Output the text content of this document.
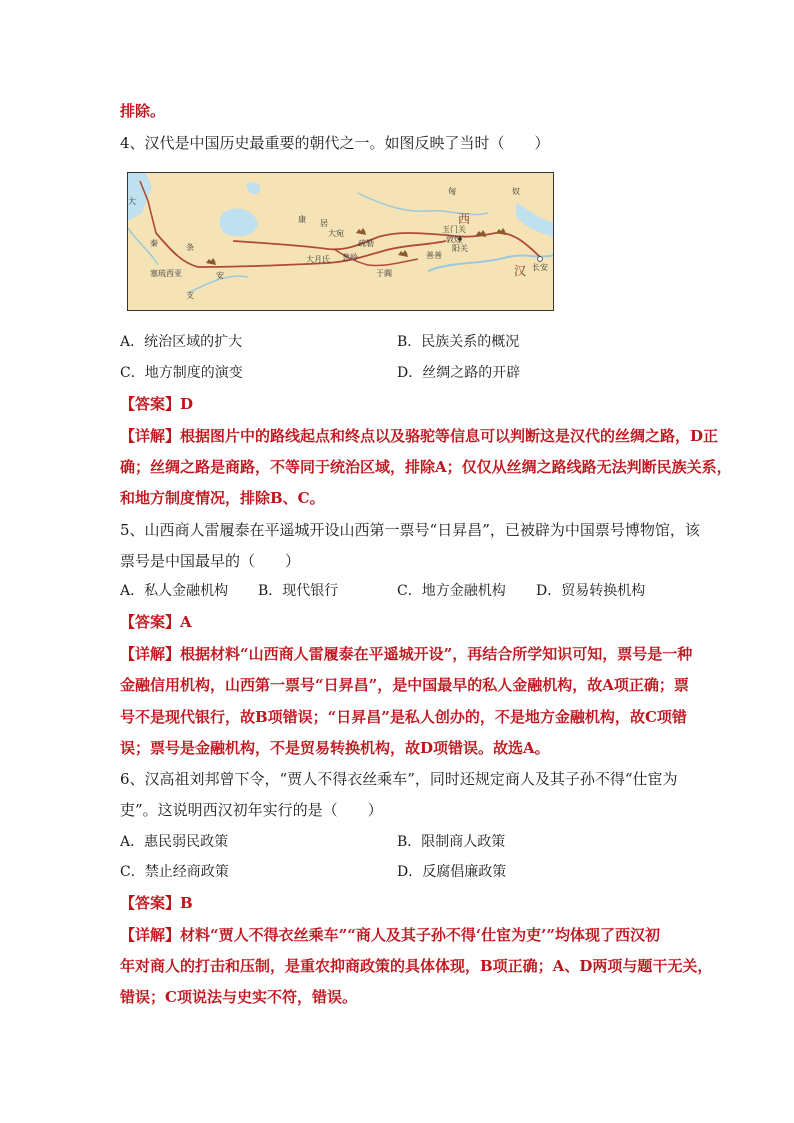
排除。
4、汉代是中国历史最重要的朝代之一。如图反映了当时（　　）
匈	奴
康 居
大宛
疏勒
大月氏 葱岭
于阗
善善
玉门关
敦煌
阳关
西
汉 长安
大
秦	条
安
塞琉西亚
支
A．统治区域的扩大	B．民族关系的概况
C．地方制度的演变	D．丝绸之路的开辟
【答案】D
【详解】根据图片中的路线起点和终点以及骆驼等信息可以判断这是汉代的丝绸之路，D正
确；丝绸之路是商路，不等同于统治区域，排除A；仅仅从丝绸之路线路无法判断民族关系，
和地方制度情况，排除B、C。
5、山西商人雷履泰在平遥城开设山西第一票号“日昇昌”，已被辟为中国票号博物馆，该
票号是中国最早的（　　）
A．私人金融机构 B．现代银行	C．地方金融机构 D．贸易转换机构
【答案】A
【详解】根据材料“山西商人雷履泰在平遥城开设”，再结合所学知识可知，票号是一种
金融信用机构，山西第一票号“日昇昌”，是中国最早的私人金融机构，故A项正确；票
号不是现代银行，故B项错误；“日昇昌”是私人创办的，不是地方金融机构，故C项错
误；票号是金融机构，不是贸易转换机构，故D项错误。故选A。
6、汉高祖刘邦曾下令，“贾人不得衣丝乘车”，同时还规定商人及其子孙不得“仕宦为
吏”。这说明西汉初年实行的是（　　）
A．惠民弱民政策	B．限制商人政策
C．禁止经商政策	D．反腐倡廉政策
【答案】B
【详解】材料“贾人不得衣丝乘车”“商人及其子孙不得‘仕宦为吏’”均体现了西汉初
年对商人的打击和压制，是重农抑商政策的具体体现，B项正确；A、D两项与题干无关，
错误；C项说法与史实不符，错误。
